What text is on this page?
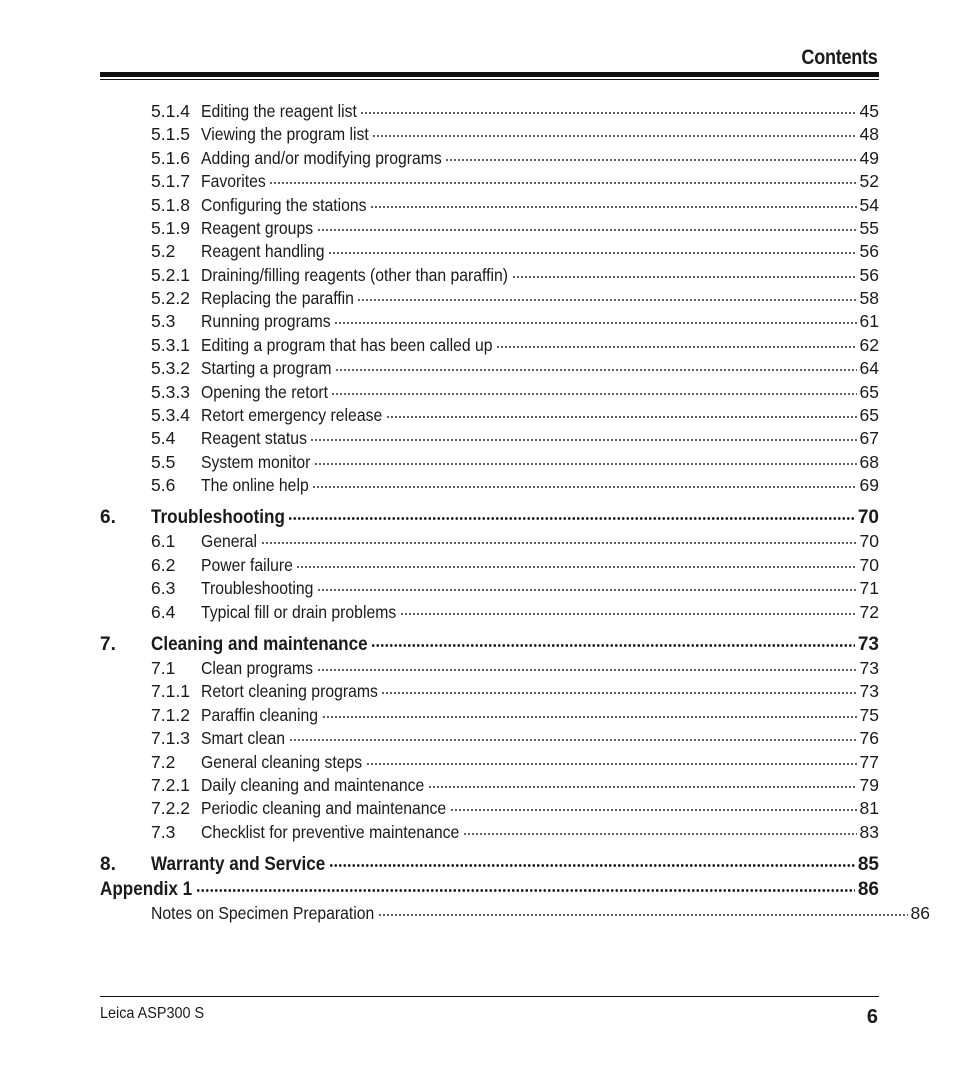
Contents
5.1.4 Editing the reagent list	45
5.1.5 Viewing the program list	48
5.1.6 Adding and/or modifying programs	49
5.1.7 Favorites	52
5.1.8 Configuring the stations	54
5.1.9 Reagent groups	55
5.2	Reagent handling	56
5.2.1 Draining/filling reagents (other than paraffin)	56
5.2.2 Replacing the paraffin	58
5.3	Running programs	61
5.3.1 Editing a program that has been called up	62
5.3.2 Starting a program	64
5.3.3 Opening the retort	65
5.3.4 Retort emergency release	65
5.4	Reagent status	67
5.5	System monitor	68
5.6	The online help	69
6.	Troubleshooting	70
6.1	General	70
6.2	Power failure	70
6.3	Troubleshooting	71
6.4	Typical fill or drain problems	72
7.	Cleaning and maintenance	73
7.1	Clean programs	73
7.1.1 Retort cleaning programs	73
7.1.2 Paraffin cleaning	75
7.1.3 Smart clean	76
7.2	General cleaning steps	77
7.2.1 Daily cleaning and maintenance	79
7.2.2 Periodic cleaning and maintenance	81
7.3	Checklist for preventive maintenance	83
8.	Warranty and Service	85
Appendix 1	86
Notes on Specimen Preparation	86
Leica ASP300 S	6
